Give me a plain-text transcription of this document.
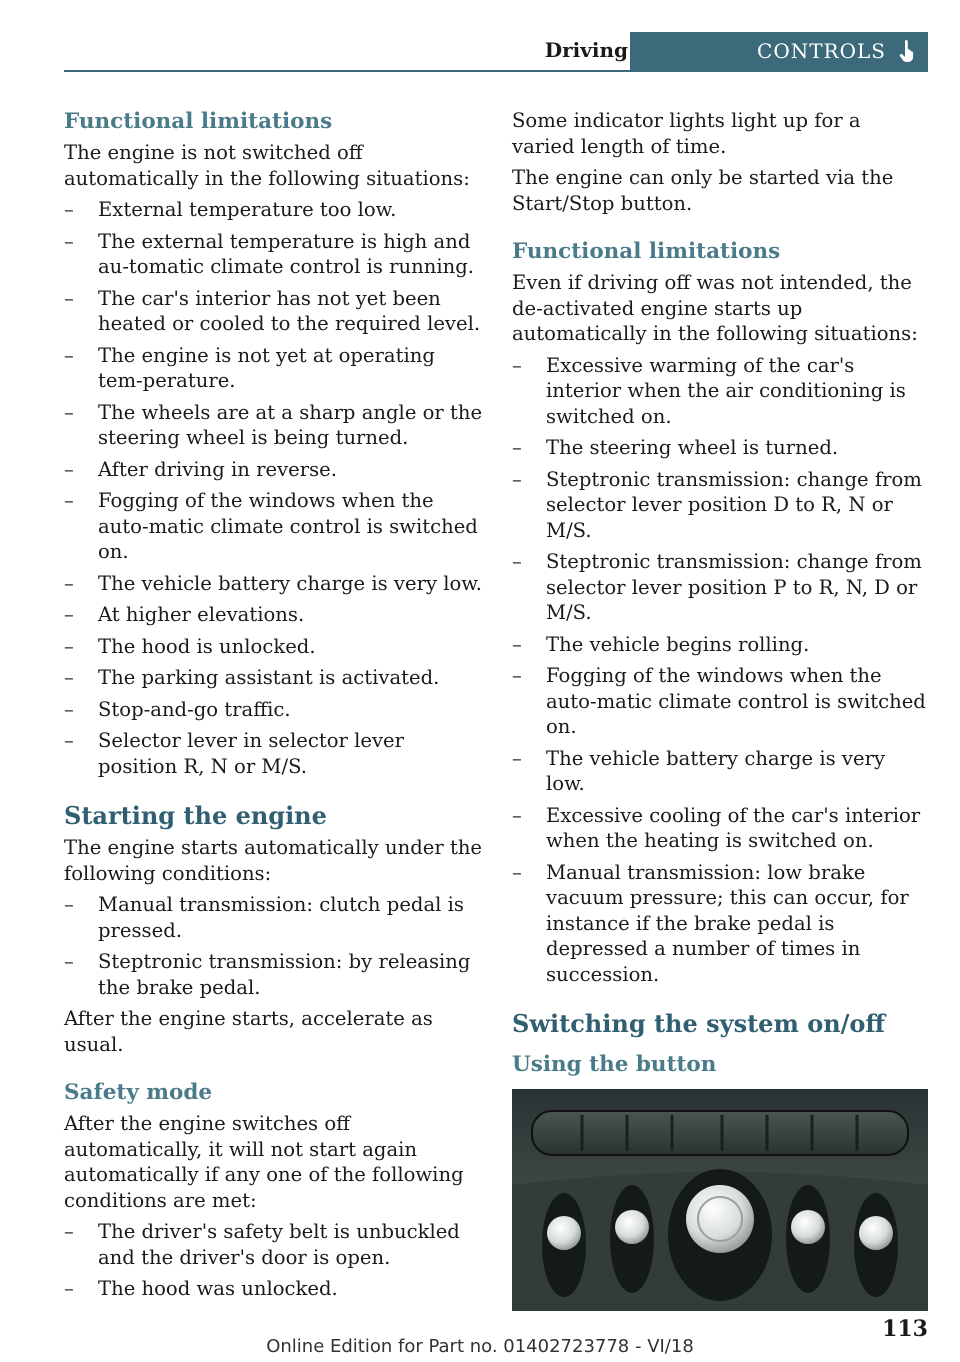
Driving	CONTROLS
Functional limitations

The engine is not switched off automatically in the following situations:

– External temperature too low.
– The external temperature is high and au-tomatic climate control is running.
– The car's interior has not yet been heated or cooled to the required level.
– The engine is not yet at operating tem-perature.
– The wheels are at a sharp angle or the steering wheel is being turned.
– After driving in reverse.
– Fogging of the windows when the auto-matic climate control is switched on.
– The vehicle battery charge is very low.
– At higher elevations.
– The hood is unlocked.
– The parking assistant is activated.
– Stop-and-go traffic.
– Selector lever in selector lever position R, N or M/S.
Starting the engine

The engine starts automatically under the following conditions:

– Manual transmission: clutch pedal is pressed.
– Steptronic transmission: by releasing the brake pedal.

After the engine starts, accelerate as usual.

Safety mode

After the engine switches off automatically, it will not start again automatically if any one of the following conditions are met:

– The driver's safety belt is unbuckled and the driver's door is open.
– The hood was unlocked.

Some indicator lights light up for a varied length of time.

The engine can only be started via the Start/Stop button.

Functional limitations

Even if driving off was not intended, the de-activated engine starts up automatically in the following situations:

– Excessive warming of the car's interior when the air conditioning is switched on.
– The steering wheel is turned.
– Steptronic transmission: change from selector lever position D to R, N or M/S.
– Steptronic transmission: change from selector lever position P to R, N, D or M/S.
– The vehicle begins rolling.
– Fogging of the windows when the auto-matic climate control is switched on.
– The vehicle battery charge is very low.
– Excessive cooling of the car's interior when the heating is switched on.
– Manual transmission: low brake vacuum pressure; this can occur, for instance if the brake pedal is depressed a number of times in succession.
Switching the system on/off
Using the button
113
Online Edition for Part no. 01402723778 - VI/18
